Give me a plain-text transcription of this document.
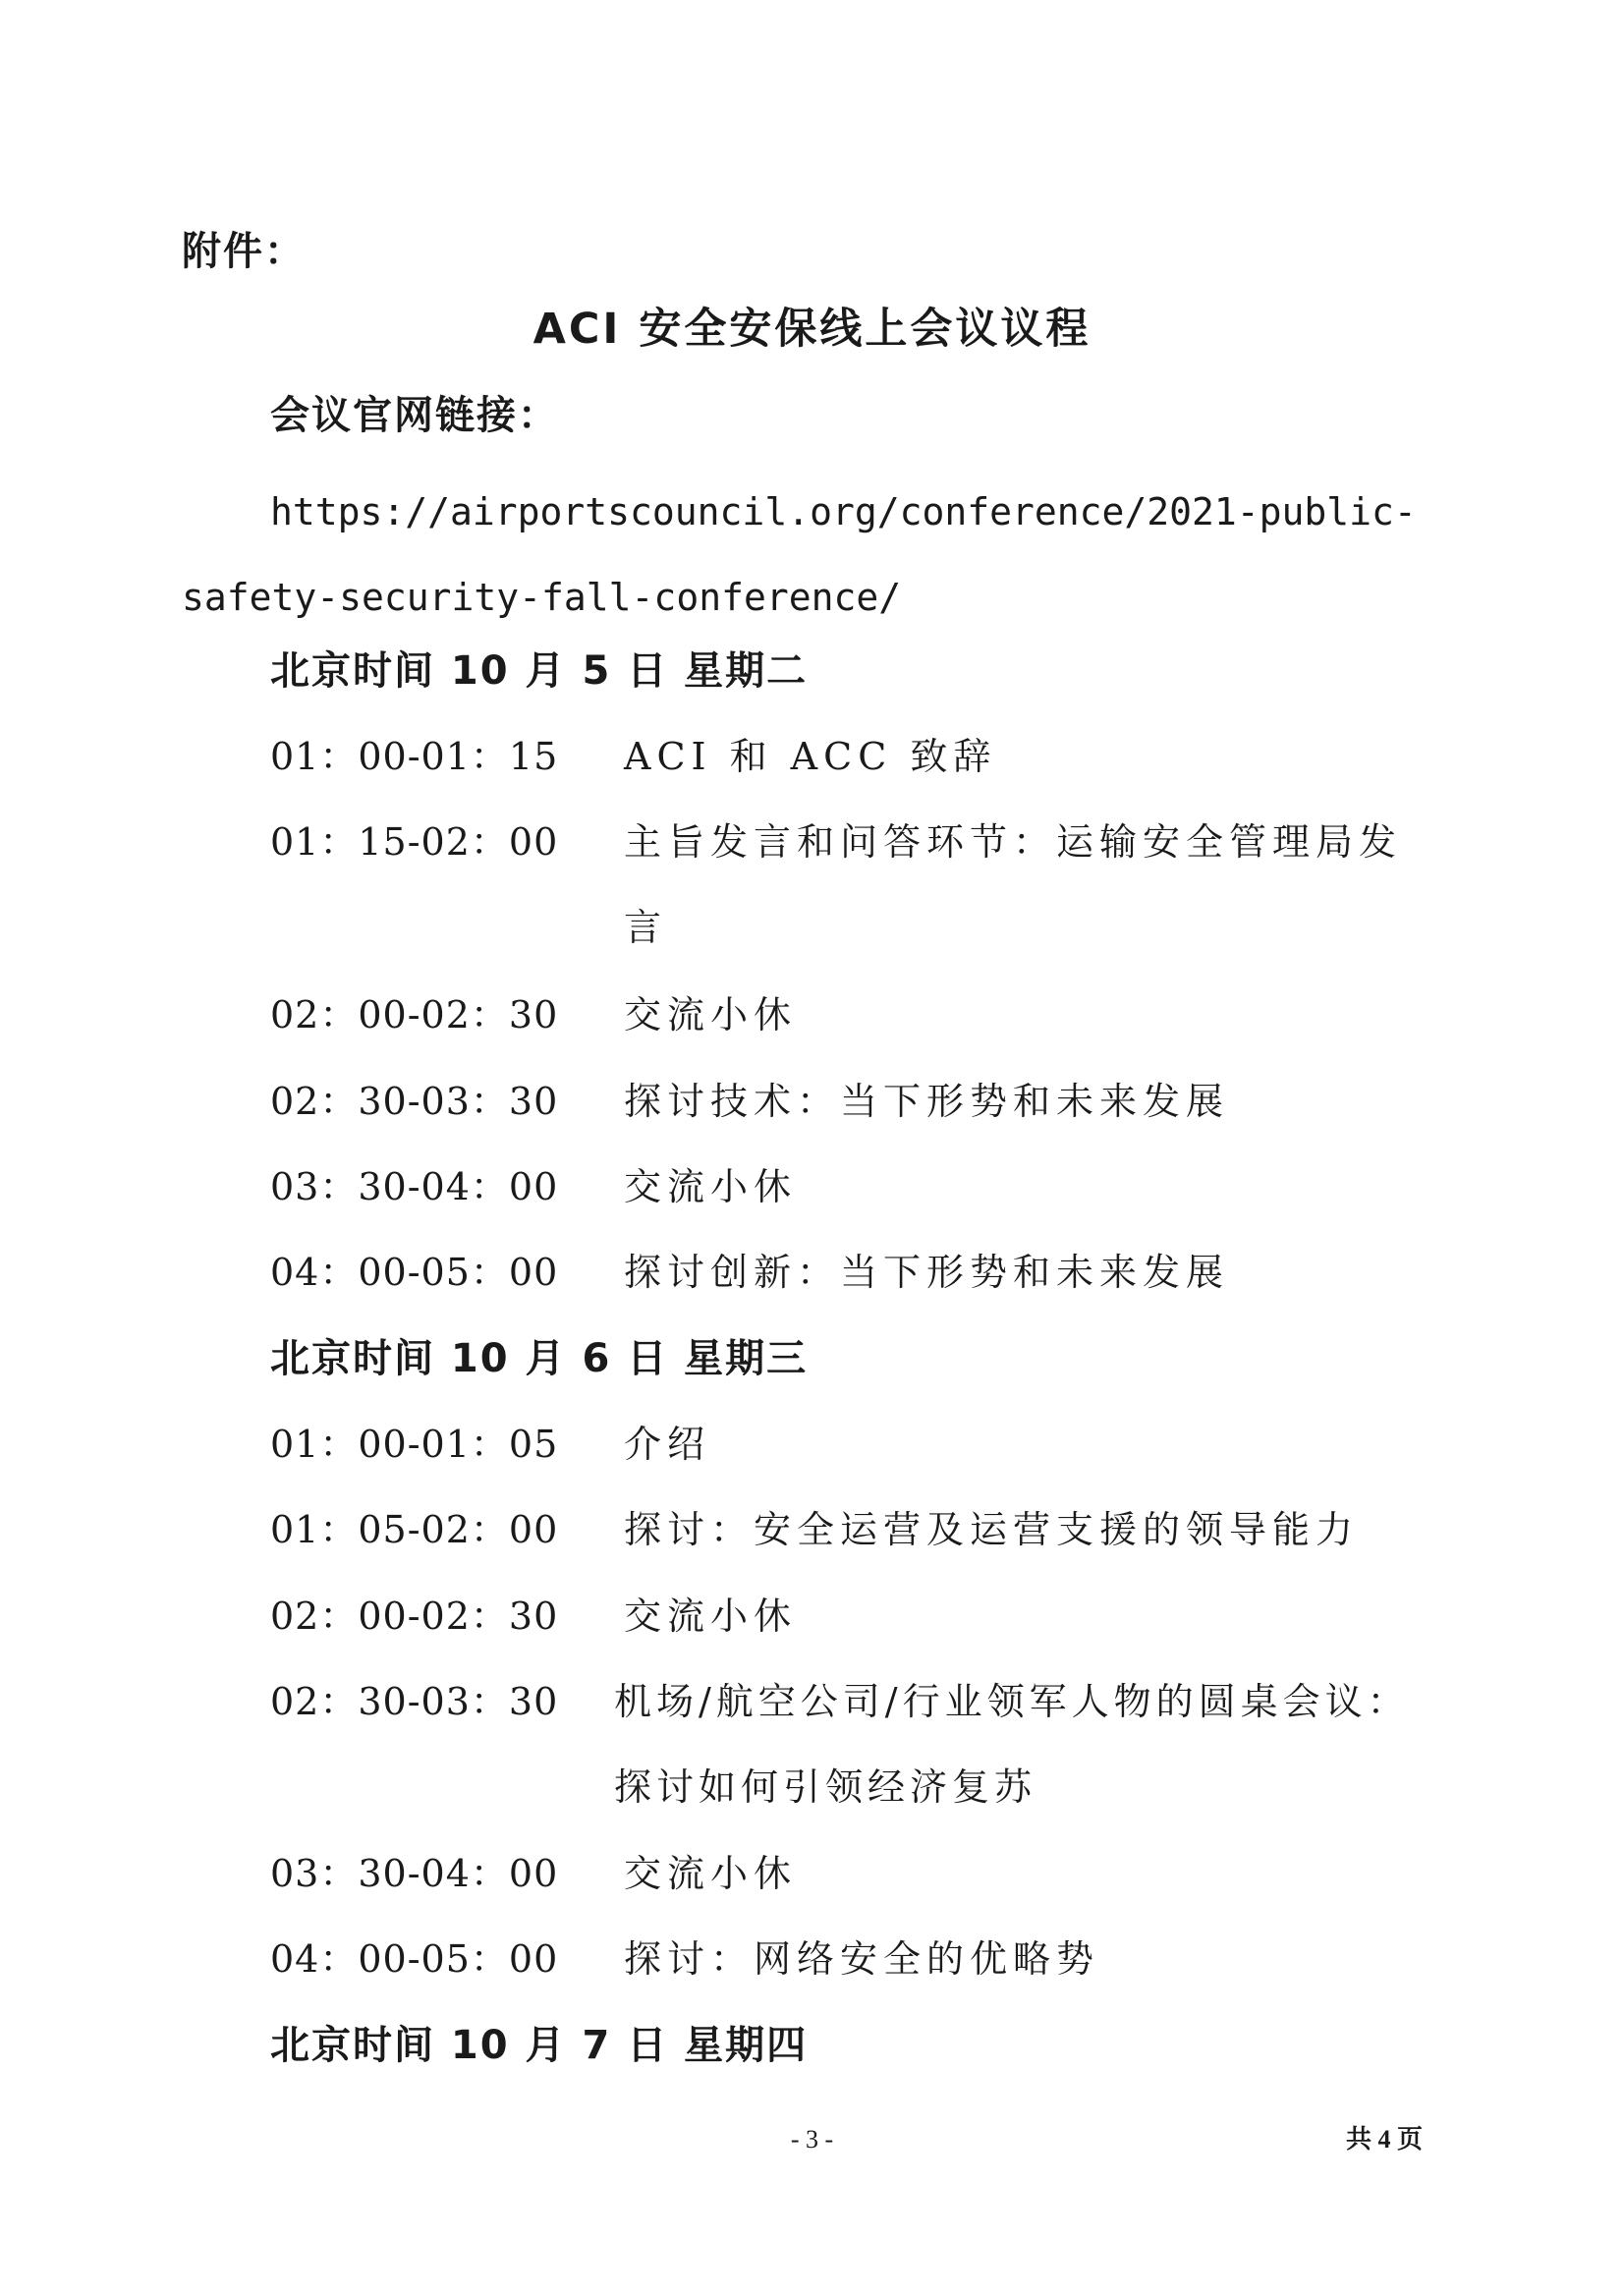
附件：
ACI 安全安保线上会议议程
会议官网链接：
https://airportscouncil.org/conference/2021-public-safety-security-fall-conference/
北京时间 10 月 5 日 星期二
01：00-01：15 ACI 和 ACC 致辞
01：15-02：00 主旨发言和问答环节：运输安全管理局发言
02：00-02：30 交流小休
02：30-03：30 探讨技术：当下形势和未来发展
03：30-04：00 交流小休
04：00-05：00 探讨创新：当下形势和未来发展
北京时间 10 月 6 日 星期三
01：00-01：05 介绍
01：05-02：00 探讨：安全运营及运营支援的领导能力
02：00-02：30 交流小休
02：30-03：30 机场/航空公司/行业领军人物的圆桌会议：探讨如何引领经济复苏
03：30-04：00 交流小休
04：00-05：00 探讨：网络安全的优略势
北京时间 10 月 7 日 星期四
- 3 -	共 4 页
